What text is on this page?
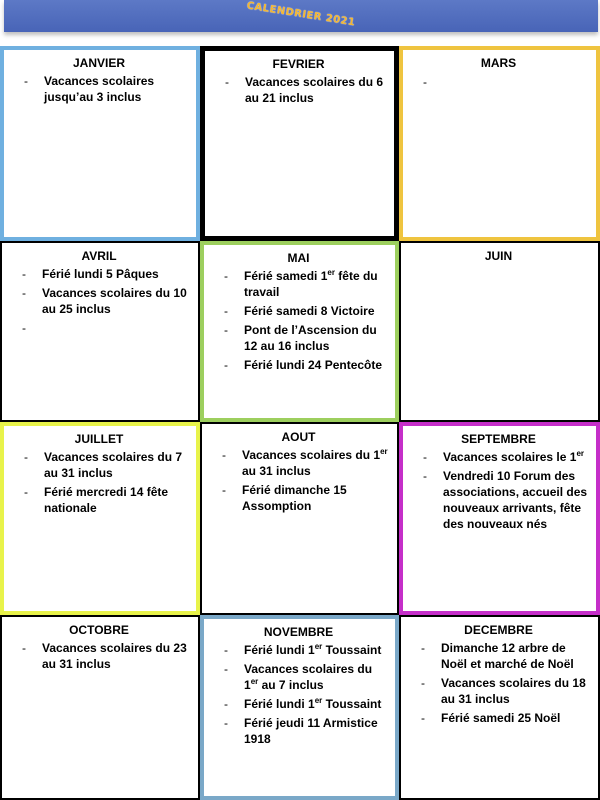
CALENDRIER 2021
JANVIER
- Vacances scolaires jusqu’au 3 inclus
FEVRIER
- Vacances scolaires du 6 au 21 inclus
MARS
-
AVRIL
- Férié lundi 5 Pâques
- Vacances scolaires du 10 au 25 inclus
-
MAI
- Férié samedi 1er fête du travail
- Férié samedi 8 Victoire
- Pont de l’Ascension du 12 au 16 inclus
- Férié lundi 24 Pentecôte
JUIN
JUILLET
- Vacances scolaires du 7 au 31 inclus
- Férié mercredi 14 fête nationale
AOUT
- Vacances scolaires du 1er au 31 inclus
- Férié dimanche 15 Assomption
SEPTEMBRE
- Vacances scolaires le 1er
- Vendredi 10 Forum des associations, accueil des nouveaux arrivants, fête des nouveaux nés
OCTOBRE
- Vacances scolaires du 23 au 31 inclus
NOVEMBRE
- Férié lundi 1er Toussaint
- Vacances scolaires du 1er au 7 inclus
- Férié lundi 1er Toussaint
- Férié jeudi 11 Armistice 1918
DECEMBRE
- Dimanche 12 arbre de Noël et marché de Noël
- Vacances scolaires du 18 au 31 inclus
- Férié samedi 25 Noël
